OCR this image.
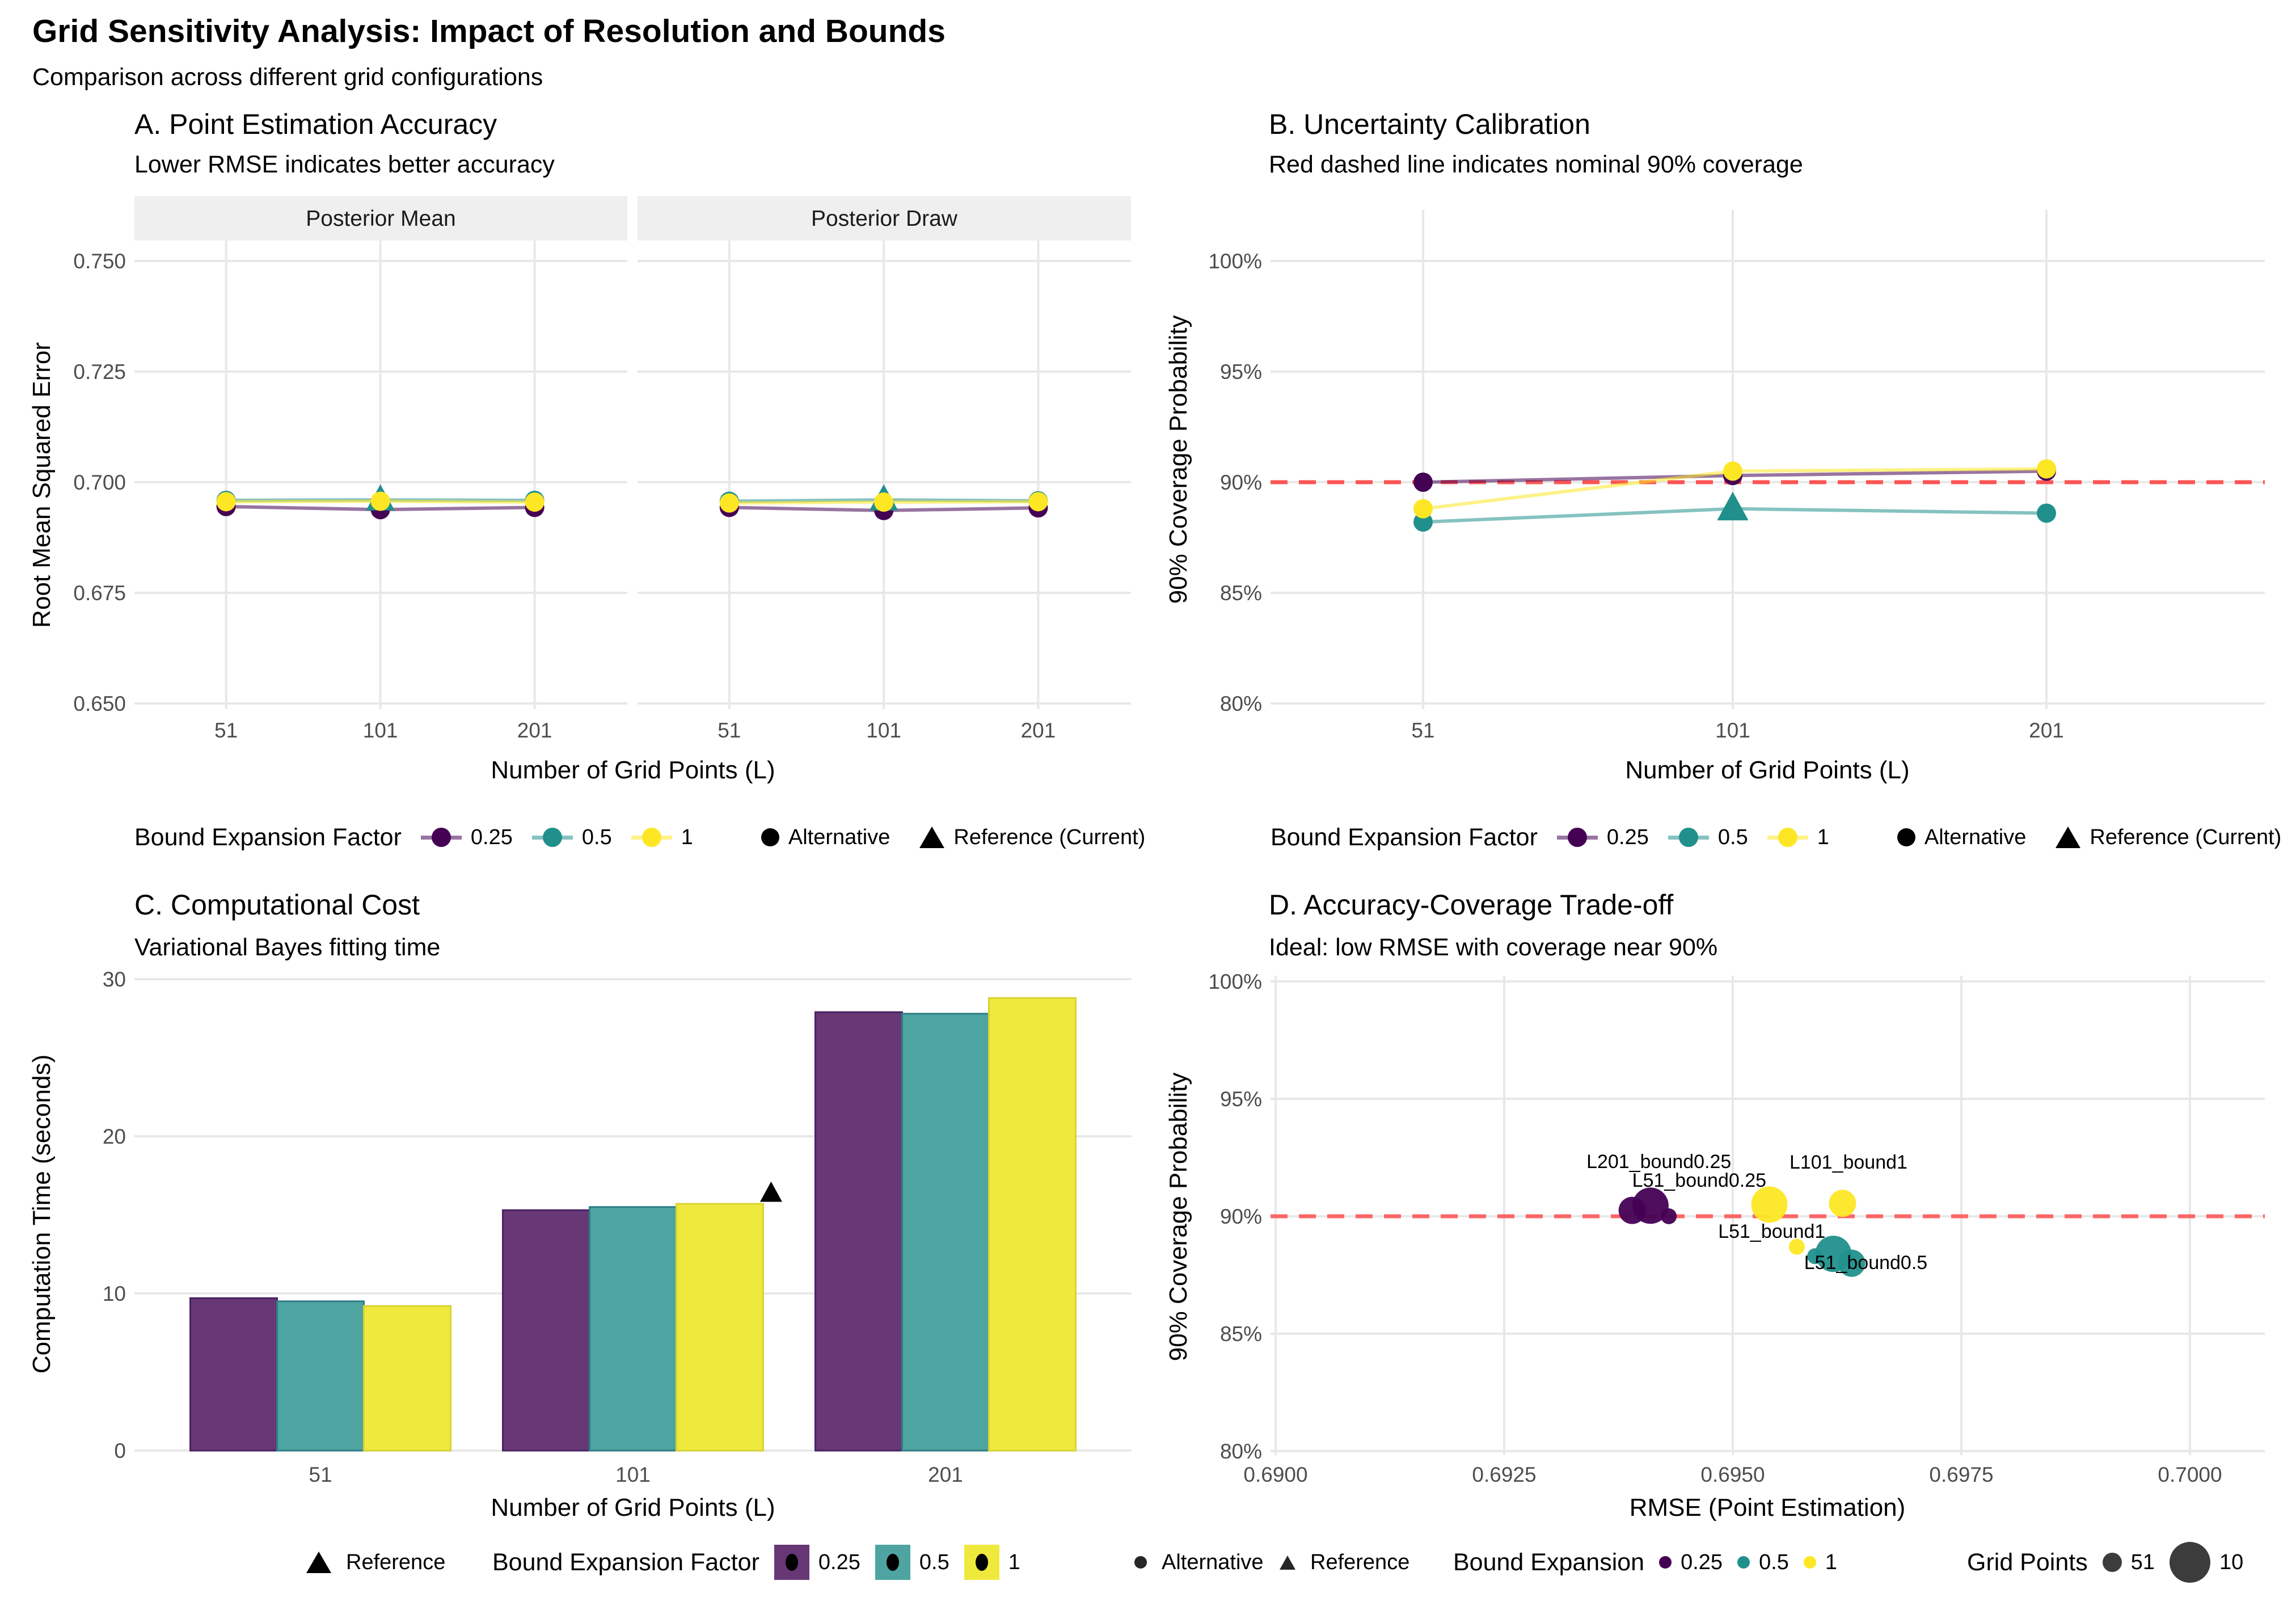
Grid Sensitivity Analysis: Impact of Resolution and Bounds
Comparison across different grid configurations
A. Point Estimation Accuracy
Lower RMSE indicates better accuracy
B. Uncertainty Calibration
Red dashed line indicates nominal 90% coverage
C. Computational Cost
Variational Bayes fitting time
D. Accuracy-Coverage Trade-off
Ideal: low RMSE with coverage near 90%
Posterior Mean
51	101	201
Posterior Draw
51	101	201
0.650
0.675
0.700
0.725
0.750
Number of Grid Points (L)
Root Mean Squared Error
51	101	201
100%
95%
90%
85%
80%
Number of Grid Points (L)
90% Coverage Probability
51	101	201
0
10
20
30
Number of Grid Points (L)
Computation Time (seconds)	L201_bound0.25
L51_bound0.25
L101_bound1
L51_bound1
L51_bound0.5
0.6900	0.6925	0.6950	0.6975	0.7000
100%
95%
90%
85%
80%
RMSE (Point Estimation)
90% Coverage Probability
Bound Expansion Factor	0.25	0.5	1	Alternative	Reference (Current)	Bound Expansion Factor	0.25	0.5	1	Alternative	Reference (Current)
Reference Bound Expansion Factor	0.25	0.5	1	Alternative Reference Bound Expansion 0.25 0.5 1	Grid Points 51	10
